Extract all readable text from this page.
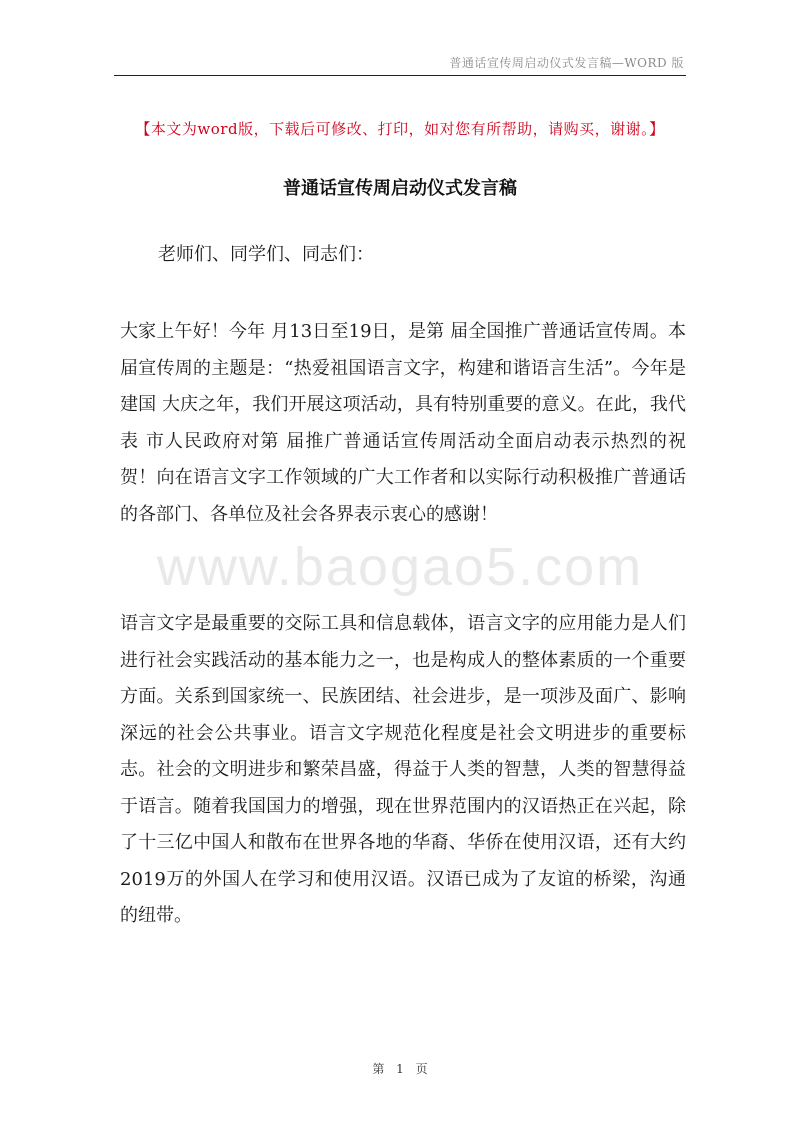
普通话宣传周启动仪式发言稿—WORD 版
【本文为word版，下载后可修改、打印，如对您有所帮助，请购买，谢谢。】
普通话宣传周启动仪式发言稿
老师们、同学们、同志们：
www.baogao5.com

大家上午好！今年 月13日至19日，是第 届全国推广普通话宣传周。本届宣传周的主题是：“热爱祖国语言文字，构建和谐语言生活”。今年是建国 大庆之年，我们开展这项活动，具有特别重要的意义。在此，我代表 市人民政府对第 届推广普通话宣传周活动全面启动表示热烈的祝贺！向在语言文字工作领域的广大工作者和以实际行动积极推广普通话的各部门、各单位及社会各界表示衷心的感谢！

语言文字是最重要的交际工具和信息载体，语言文字的应用能力是人们进行社会实践活动的基本能力之一，也是构成人的整体素质的一个重要方面。关系到国家统一、民族团结、社会进步，是一项涉及面广、影响深远的社会公共事业。语言文字规范化程度是社会文明进步的重要标志。社会的文明进步和繁荣昌盛，得益于人类的智慧，人类的智慧得益于语言。随着我国国力的增强，现在世界范围内的汉语热正在兴起，除了十三亿中国人和散布在世界各地的华裔、华侨在使用汉语，还有大约2019万的外国人在学习和使用汉语。汉语已成为了友谊的桥梁，沟通的纽带。

第 1 页
